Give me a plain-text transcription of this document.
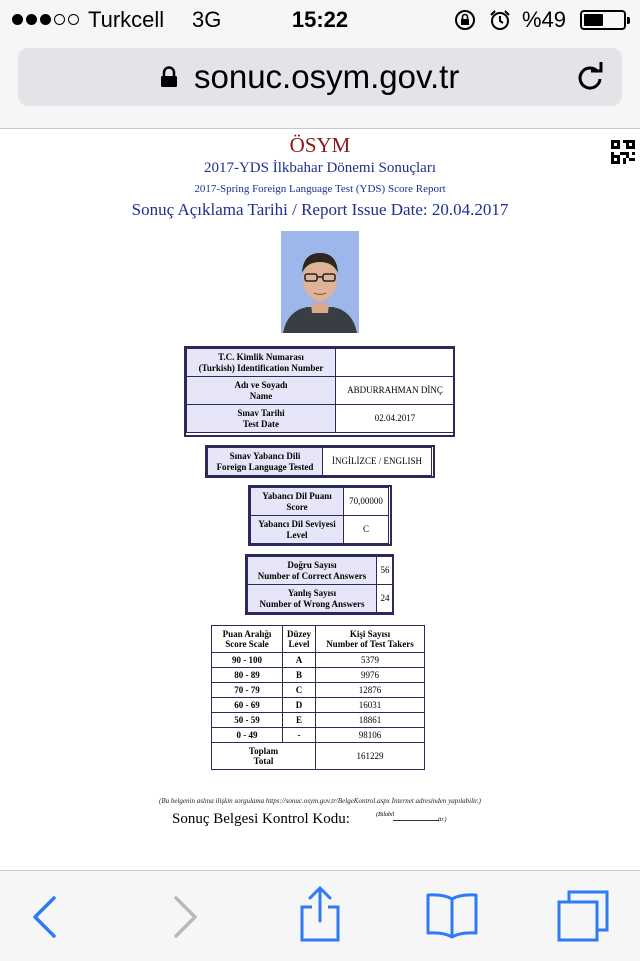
Turkcell 3G	15:22	%49
sonuc.osym.gov.tr
ÖSYM
2017-YDS İlkbahar Dönemi Sonuçları
2017-Spring Foreign Language Test (YDS) Score Report
Sonuç Açıklama Tarihi / Report Issue Date: 20.04.2017
T.C. Kimlik Numarası
(Turkish) Identification Number	
Adı ve Soyadı
Name	ABDURRAHMAN DİNÇ
Sınav Tarihi
Test Date	02.04.2017
Sınav Yabancı Dili
Foreign Language Tested	İNGİLİZCE / ENGLISH
Yabancı Dil Puanı
Score	70,00000
Yabancı Dil Seviyesi
Level	C
Doğru Sayısı
Number of Correct Answers	56
Yanlış Sayısı
Number of Wrong Answers	24
Puan Aralığı
Score Scale	Düzey
Level	Kişi Sayısı
Number of Test Takers
90 - 100	A	5379
80 - 89	B	9976
70 - 79	C	12876
60 - 69	D	16031
50 - 59	E	18861
0 - 49	-	98106
Toplam
Total		161229
(Bu belgenin aslına ilişkin sorgulama https://sonuc.osym.gov.tr/BelgeKontrol.aspx İnternet adresinden yapılabilir.)
Sonuç Belgesi Kontrol Kodu:	(Bilabil
tir.)
